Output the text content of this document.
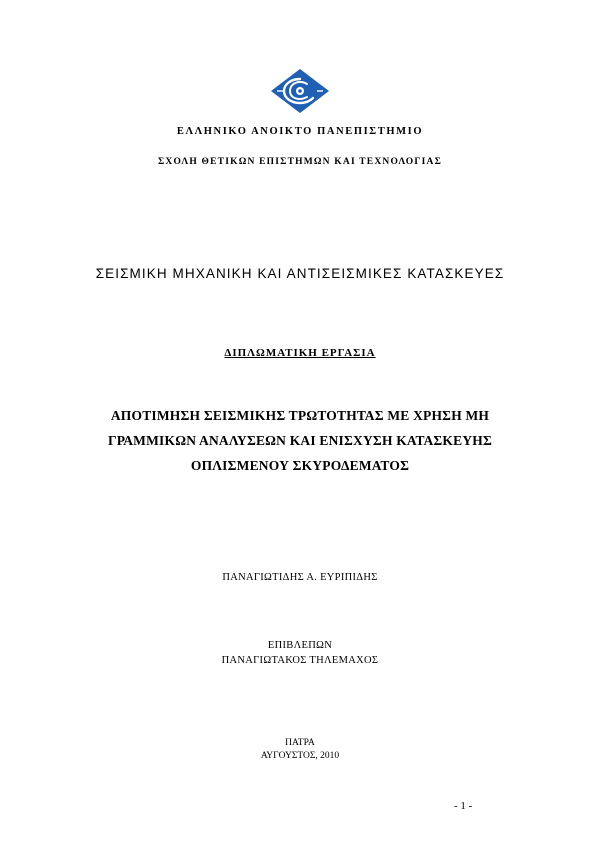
ΕΛΛΗΝΙΚΟ ΑΝΟΙΚΤΟ ΠΑΝΕΠΙΣΤΗΜΙΟ
ΣΧΟΛΗ ΘΕΤΙΚΩΝ ΕΠΙΣΤΗΜΩΝ ΚΑΙ ΤΕΧΝΟΛΟΓΙΑΣ
ΣΕΙΣΜΙΚΗ ΜΗΧΑΝΙΚΗ ΚΑΙ ΑΝΤΙΣΕΙΣΜΙΚΕΣ ΚΑΤΑΣΚΕΥΕΣ
ΔΙΠΛΩΜΑΤΙΚΗ ΕΡΓΑΣΙΑ
ΑΠΟΤΙΜΗΣΗ ΣΕΙΣΜΙΚΗΣ ΤΡΩΤΟΤΗΤΑΣ ΜΕ ΧΡΗΣΗ ΜΗ
ΓΡΑΜΜΙΚΩΝ ΑΝΑΛΥΣΕΩΝ ΚΑΙ ΕΝΙΣΧΥΣΗ ΚΑΤΑΣΚΕΥΗΣ
ΟΠΛΙΣΜΕΝΟΥ ΣΚΥΡΟΔΕΜΑΤΟΣ
ΠΑΝΑΓΙΩΤΙΔΗΣ Α. ΕΥΡΙΠΙΔΗΣ
ΕΠΙΒΛΕΠΩΝ
ΠΑΝΑΓΙΩΤΑΚΟΣ ΤΗΛΕΜΑΧΟΣ
ΠΑΤΡΑ
ΑΥΓΟΥΣΤΟΣ, 2010
- 1 -
